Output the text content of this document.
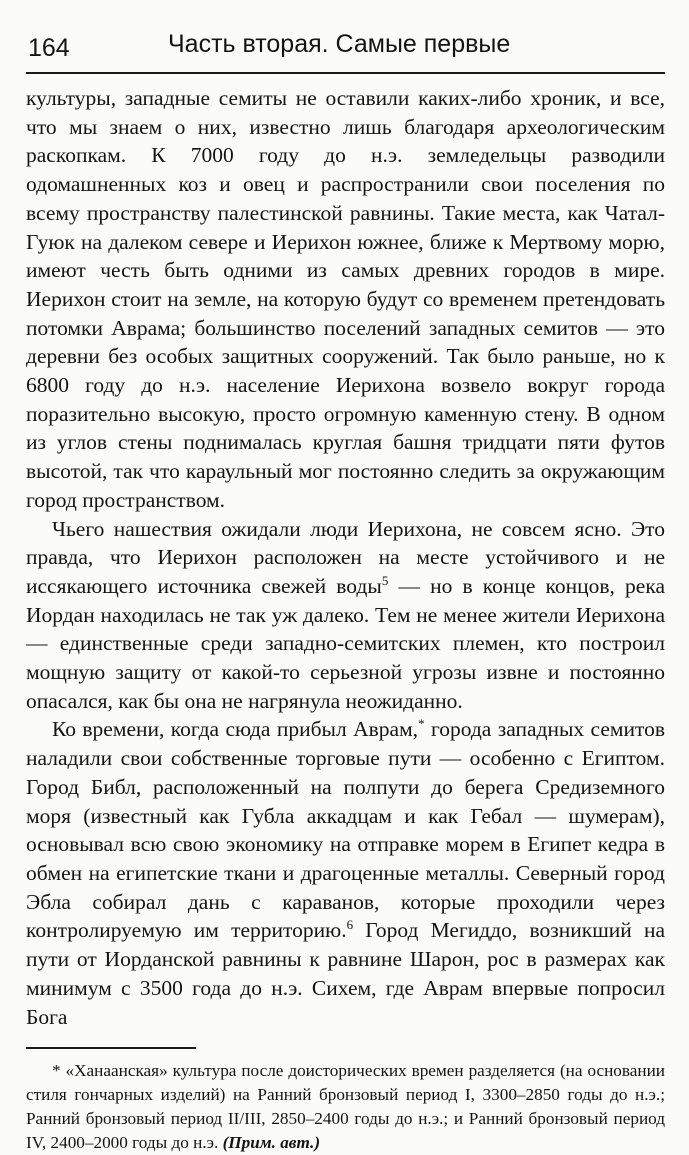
164	Часть вторая. Самые первые

культуры, западные семиты не оставили каких-либо хроник, и все, что мы знаем о них, известно лишь благодаря археологическим раскопкам. К 7000 году до н.э. земледельцы разводили одомашненных коз и овец и распространили свои поселения по всему пространству палестинской равнины. Такие места, как Чатал-Гуюк на далеком севере и Иерихон южнее, ближе к Мертвому морю, имеют честь быть одними из самых древних городов в мире. Иерихон стоит на земле, на которую будут со временем претендовать потомки Аврама; большинство поселений западных семитов — это деревни без особых защитных сооружений. Так было раньше, но к 6800 году до н.э. население Иерихона возвело вокруг города поразительно высокую, просто огромную каменную стену. В одном из углов стены поднималась круглая башня тридцати пяти футов высотой, так что караульный мог постоянно следить за окружающим город пространством.

Чьего нашествия ожидали люди Иерихона, не совсем ясно. Это правда, что Иерихон расположен на месте устойчивого и не иссякающего источника свежей воды$^5$ — но в конце концов, река Иордан находилась не так уж далеко. Тем не менее жители Иерихона — единственные среди западно-семитских племен, кто построил мощную защиту от какой-то серьезной угрозы извне и постоянно опасался, как бы она не нагрянула неожиданно.

Ко времени, когда сюда прибыл Аврам,* города западных семитов наладили свои собственные торговые пути — особенно с Египтом. Город Библ, расположенный на полпути до берега Средиземного моря (известный как Губла аккадцам и как Гебал — шумерам), основывал всю свою экономику на отправке морем в Египет кедра в обмен на египетские ткани и драгоценные металлы. Северный город Эбла собирал дань с караванов, которые проходили через контролируемую им территорию.$^6$ Город Мегиддо, возникший на пути от Иорданской равнины к равнине Шарон, рос в размерах как минимум с 3500 года до н.э. Сихем, где Аврам впервые попросил Бога

* «Ханаанская» культура после доисторических времен разделяется (на основании стиля гончарных изделий) на Ранний бронзовый период I, 3300–2850 годы до н.э.; Ранний бронзовый период II/III, 2850–2400 годы до н.э.; и Ранний бронзовый период IV, 2400–2000 годы до н.э. (Прим. авт.)
